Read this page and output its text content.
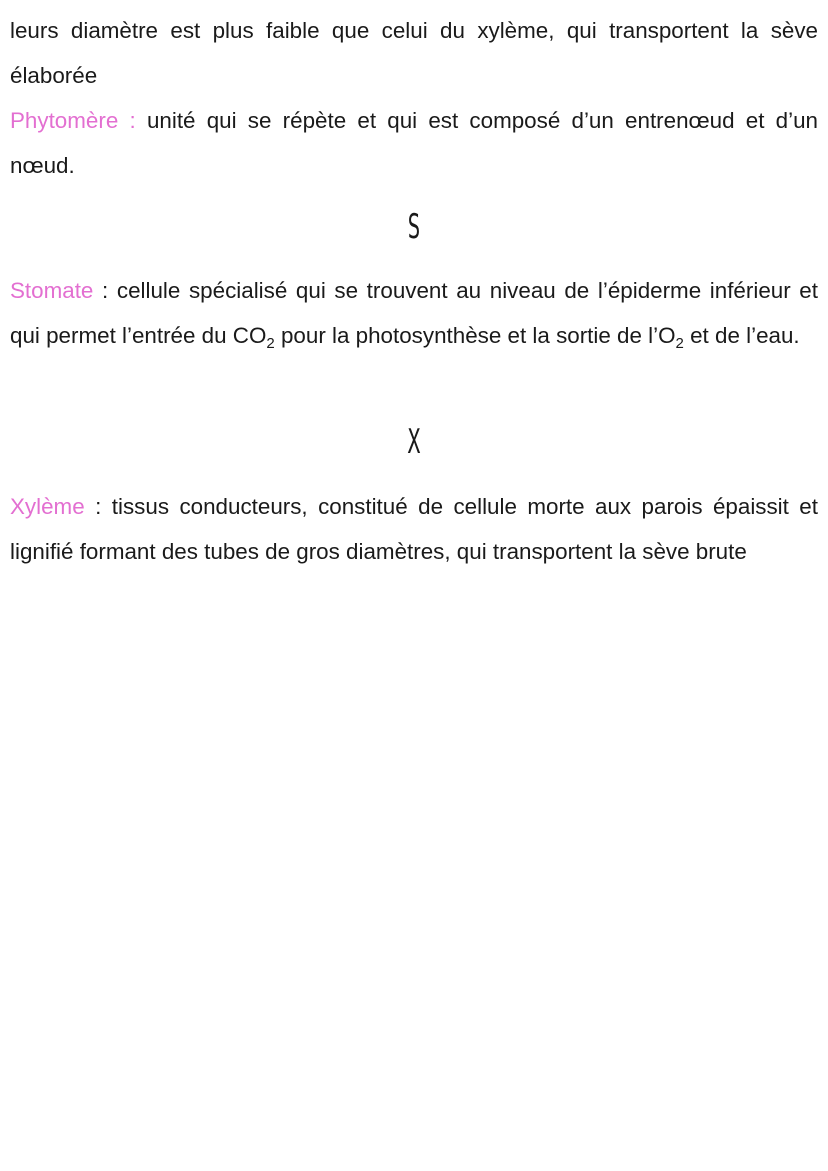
leurs diamètre est plus faible que celui du xylème, qui transportent la sève élaborée

Phytomère : unité qui se répète et qui est composé d’un entrenœud et d’un nœud.

S

Stomate : cellule spécialisé qui se trouvent au niveau de l’épiderme inférieur et qui permet l’entrée du $CO_2$ pour la photosynthèse et la sortie de $l’O_2$ et de l’eau.

X

Xylème : tissus conducteurs, constitué de cellule morte aux parois épaissit et lignifié formant des tubes de gros diamètres, qui transportent la sève brute
